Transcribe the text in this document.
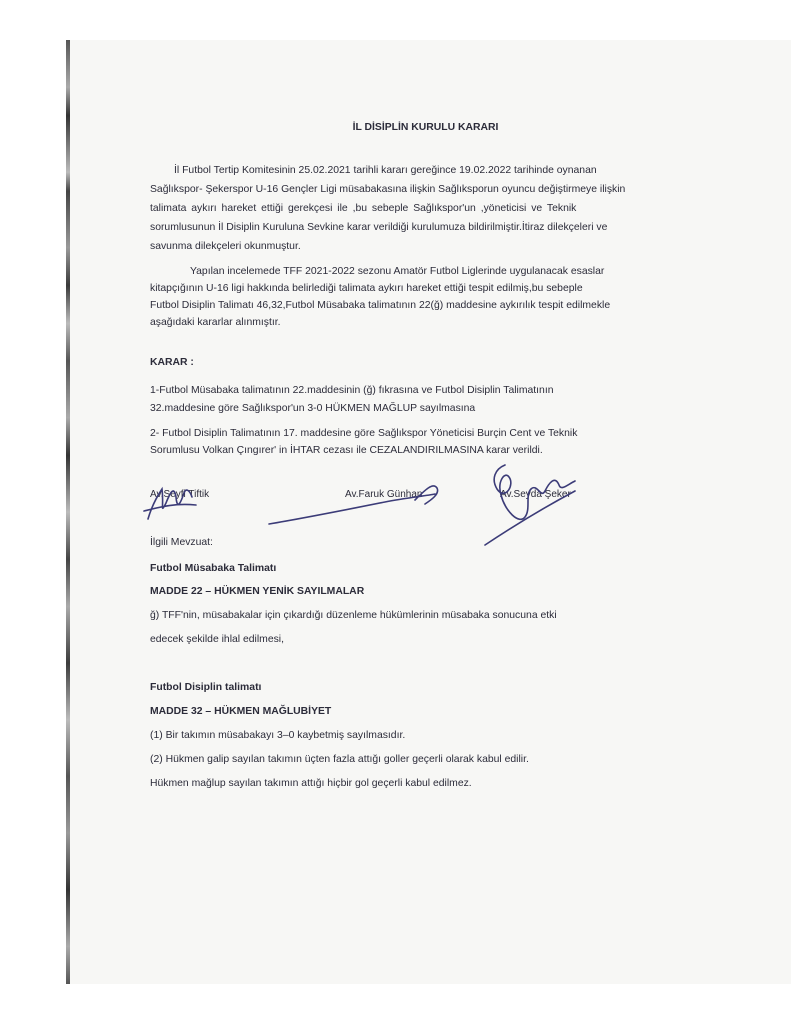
İL DİSİPLİN KURULU KARARI
İl Futbol Tertip Komitesinin 25.02.2021 tarihli kararı gereğince 19.02.2022 tarihinde oynanan
Sağlıkspor- Şekerspor U-16 Gençler Ligi müsabakasına ilişkin Sağlıksporun oyuncu değiştirmeye ilişkin
talimata aykırı hareket ettiği gerekçesi ile ,bu sebeple Sağlıkspor'un ,yöneticisi ve Teknik
sorumlusunun İl Disiplin Kuruluna Sevkine karar verildiği kurulumuza bildirilmiştir.İtiraz dilekçeleri ve
savunma dilekçeleri okunmuştur.
Yapılan incelemede TFF 2021-2022 sezonu Amatör Futbol Liglerinde uygulanacak esaslar
kitapçığının U-16 ligi hakkında belirlediği talimata aykırı hareket ettiği tespit edilmiş,bu sebeple
Futbol Disiplin Talimatı 46,32,Futbol Müsabaka talimatının 22(ğ) maddesine aykırılık tespit edilmekle
aşağıdaki kararlar alınmıştır.
KARAR :
1-Futbol Müsabaka talimatının 22.maddesinin (ğ) fıkrasına ve Futbol Disiplin Talimatının
32.maddesine göre Sağlıkspor'un 3-0 HÜKMEN MAĞLUP sayılmasına
2- Futbol Disiplin Talimatının 17. maddesine göre Sağlıkspor Yöneticisi Burçin Cent ve Teknik
Sorumlusu Volkan Çıngırer' in İHTAR cezası ile CEZALANDIRILMASINA karar verildi.
Av.Seyfi Tiftik	Av.Faruk Günhan	Av.Seyda Şeker
İlgili Mevzuat:
Futbol Müsabaka Talimatı
MADDE 22 – HÜKMEN YENİK SAYILMALAR
ğ) TFF'nin, müsabakalar için çıkardığı düzenleme hükümlerinin müsabaka sonucuna etki
edecek şekilde ihlal edilmesi,
Futbol Disiplin talimatı
MADDE 32 – HÜKMEN MAĞLUBİYET
(1) Bir takımın müsabakayı 3–0 kaybetmiş sayılmasıdır.
(2) Hükmen galip sayılan takımın üçten fazla attığı goller geçerli olarak kabul edilir.
Hükmen mağlup sayılan takımın attığı hiçbir gol geçerli kabul edilmez.
